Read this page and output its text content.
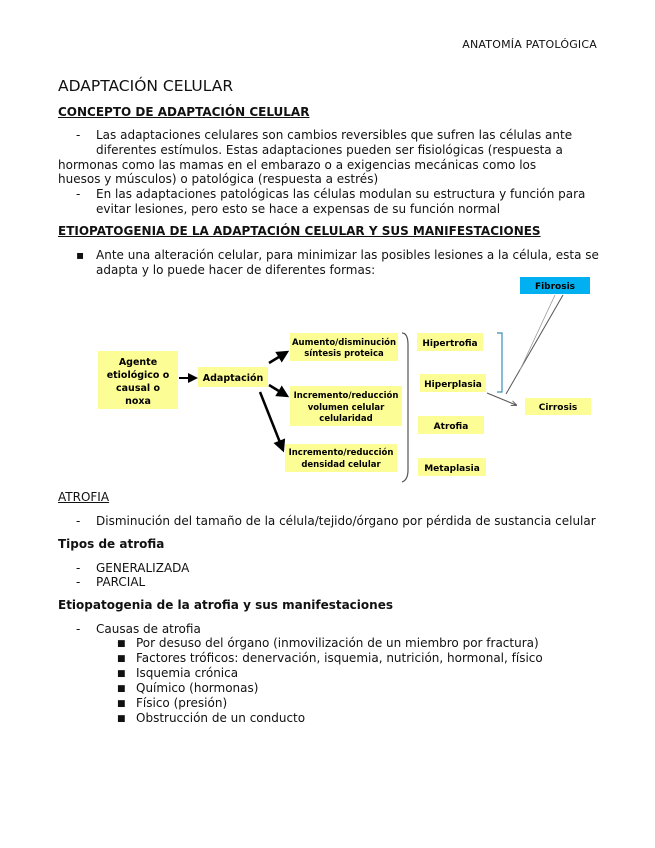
ANATOMÍA PATOLÓGICA
ADAPTACIÓN CELULAR
CONCEPTO DE ADAPTACIÓN CELULAR
- Las adaptaciones celulares son cambios reversibles que sufren las células ante
diferentes estímulos. Estas adaptaciones pueden ser fisiológicas (respuesta a
hormonas como las mamas en el embarazo o a exigencias mecánicas como los
huesos y músculos) o patológica (respuesta a estrés)
- En las adaptaciones patológicas las células modulan su estructura y función para
evitar lesiones, pero esto se hace a expensas de su función normal
ETIOPATOGENIA DE LA ADAPTACIÓN CELULAR Y SUS MANIFESTACIONES
▪ Ante una alteración celular, para minimizar las posibles lesiones a la célula, esta se
adapta y lo puede hacer de diferentes formas:
Agente
etiológico o
causal o
noxa
Adaptación
Aumento/disminución
síntesis proteica
Incremento/reducción
volumen celular
celularidad
Incremento/reducción
densidad celular
Hipertrofia
Hiperplasia
Atrofia
Metaplasia
Fibrosis
Cirrosis
ATROFIA
- Disminución del tamaño de la célula/tejido/órgano por pérdida de sustancia celular
Tipos de atrofia
- GENERALIZADA
- PARCIAL
Etiopatogenia de la atrofia y sus manifestaciones
- Causas de atrofia
■ Por desuso del órgano (inmovilización de un miembro por fractura)
■ Factores tróficos: denervación, isquemia, nutrición, hormonal, físico
■ Isquemia crónica
■ Químico (hormonas)
■ Físico (presión)
■ Obstrucción de un conducto
